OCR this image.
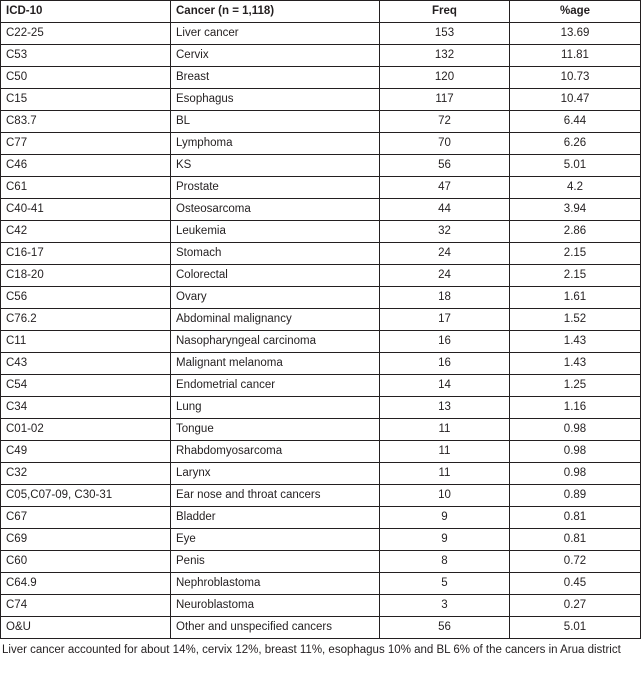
ICD-10	Cancer (n = 1,118)	Freq	%age
C22-25	Liver cancer	153	13.69
C53	Cervix	132	11.81
C50	Breast	120	10.73
C15	Esophagus	117	10.47
C83.7	BL	72	6.44
C77	Lymphoma	70	6.26
C46	KS	56	5.01
C61	Prostate	47	4.2
C40-41	Osteosarcoma	44	3.94
C42	Leukemia	32	2.86
C16-17	Stomach	24	2.15
C18-20	Colorectal	24	2.15
C56	Ovary	18	1.61
C76.2	Abdominal malignancy	17	1.52
C11	Nasopharyngeal carcinoma	16	1.43
C43	Malignant melanoma	16	1.43
C54	Endometrial cancer	14	1.25
C34	Lung	13	1.16
C01-02	Tongue	11	0.98
C49	Rhabdomyosarcoma	11	0.98
C32	Larynx	11	0.98
C05,C07-09, C30-31	Ear nose and throat cancers	10	0.89
C67	Bladder	9	0.81
C69	Eye	9	0.81
C60	Penis	8	0.72
C64.9	Nephroblastoma	5	0.45
C74	Neuroblastoma	3	0.27
O&U	Other and unspecified cancers	56	5.01
Liver cancer accounted for about 14%, cervix 12%, breast 11%, esophagus 10% and BL 6% of the cancers in Arua district
